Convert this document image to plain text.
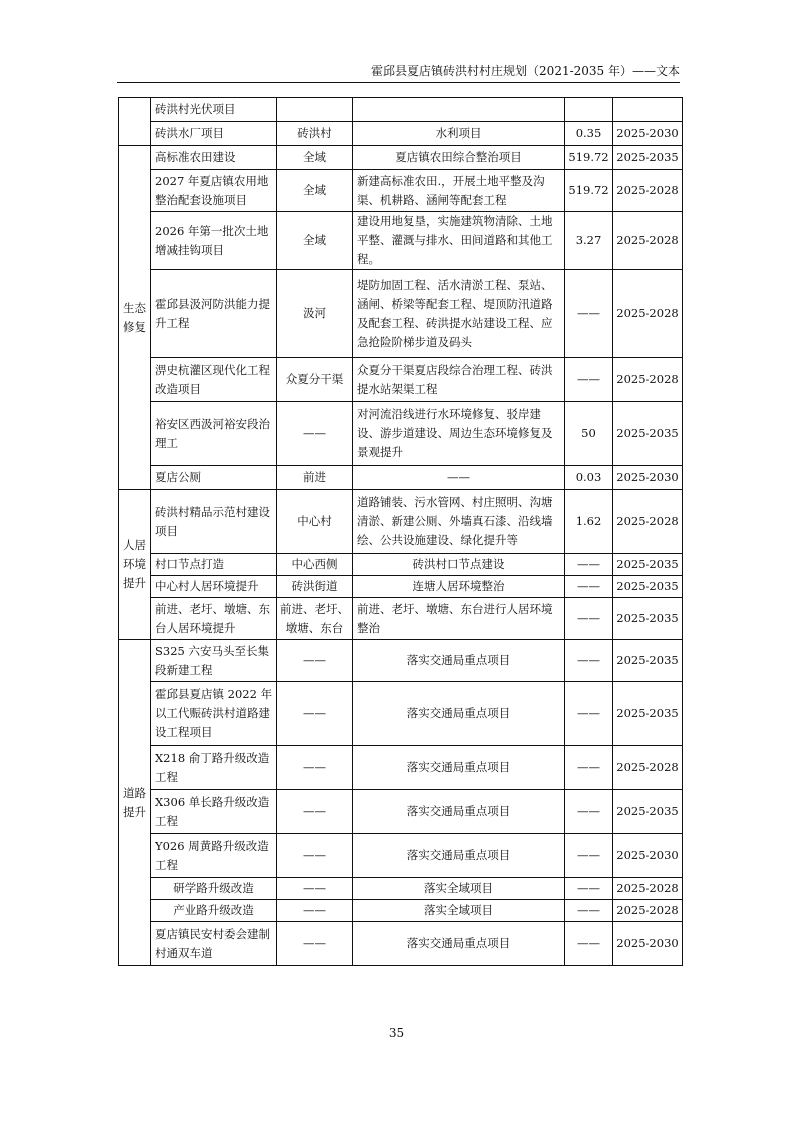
霍邱县夏店镇砖洪村村庄规划（2021-2035 年）——文本
	砖洪村光伏项目				
	砖洪水厂项目	砖洪村	水利项目	0.35	2025-2030
生态修复	高标准农田建设	全域	夏店镇农田综合整治项目	519.72	2025-2035
	2027 年夏店镇农用地整治配套设施项目	全域	新建高标准农田.，开展土地平整及沟渠、机耕路、涵闸等配套工程	519.72	2025-2028
	2026 年第一批次土地增减挂钩项目	全域	建设用地复垦，实施建筑物清除、土地平整、灌溉与排水、田间道路和其他工程。	3.27	2025-2028
	霍邱县汲河防洪能力提升工程	汲河	堤防加固工程、活水清淤工程、泵站、涵闸、桥梁等配套工程、堤顶防汛道路及配套工程、砖洪提水站建设工程、应急抢险阶梯步道及码头	——	2025-2028
	淠史杭灌区现代化工程改造项目	众夏分干渠	众夏分干渠夏店段综合治理工程、砖洪提水站架渠工程	——	2025-2028
	裕安区西汲河裕安段治理工	——	对河流沿线进行水环境修复、驳岸建设、游步道建设、周边生态环境修复及景观提升	50	2025-2035
	夏店公厕	前进	——	0.03	2025-2030
人居环境提升	砖洪村精品示范村建设项目	中心村	道路铺装、污水管网、村庄照明、沟塘清淤、新建公厕、外墙真石漆、沿线墙绘、公共设施建设、绿化提升等	1.62	2025-2028
	村口节点打造	中心西侧	砖洪村口节点建设	——	2025-2035
	中心村人居环境提升	砖洪街道	连塘人居环境整治	——	2025-2035
	前进、老圩、墩塘、东台人居环境提升	前进、老圩、墩塘、东台	前进、老圩、墩塘、东台进行人居环境整治	——	2025-2035
道路提升	S325 六安马头至长集段新建工程	——	落实交通局重点项目	——	2025-2035
	霍邱县夏店镇 2022 年以工代赈砖洪村道路建设工程项目	——	落实交通局重点项目	——	2025-2035
	X218 俞丁路升级改造工程	——	落实交通局重点项目	——	2025-2028
	X306 单长路升级改造工程	——	落实交通局重点项目	——	2025-2035
	Y026 周黄路升级改造工程	——	落实交通局重点项目	——	2025-2030
	研学路升级改造	——	落实全域项目	——	2025-2028
	产业路升级改造	——	落实全域项目	——	2025-2028
	夏店镇民安村委会建制村通双车道	——	落实交通局重点项目	——	2025-2030
35
